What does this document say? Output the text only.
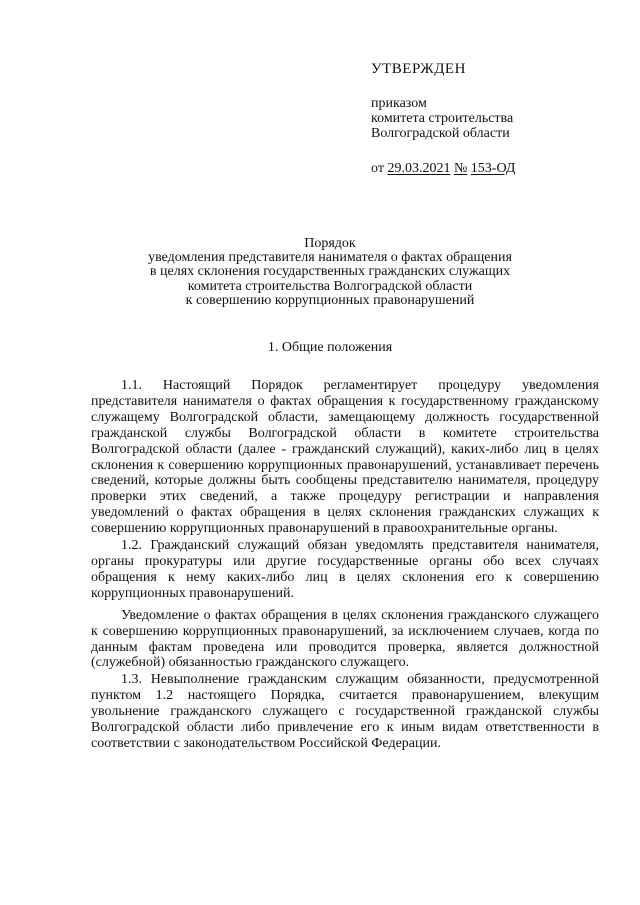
УТВЕРЖДЕН
приказом
комитета строительства
Волгоградской области
от 29.03.2021 № 153-ОД
Порядок
уведомления представителя нанимателя о фактах обращения
в целях склонения государственных гражданских служащих
комитета строительства Волгоградской области
к совершению коррупционных правонарушений
1. Общие положения

1.1. Настоящий Порядок регламентирует процедуру уведомления представителя нанимателя о фактах обращения к государственному гражданскому служащему Волгоградской области, замещающему должность государственной гражданской службы Волгоградской области в комитете строительства Волгоградской области (далее - гражданский служащий), каких-либо лиц в целях склонения к совершению коррупционных правонарушений, устанавливает перечень сведений, которые должны быть сообщены представителю нанимателя, процедуру проверки этих сведений, а также процедуру регистрации и направления уведомлений о фактах обращения в целях склонения гражданских служащих к совершению коррупционных правонарушений в правоохранительные органы.

1.2. Гражданский служащий обязан уведомлять представителя нанимателя, органы прокуратуры или другие государственные органы обо всех случаях обращения к нему каких-либо лиц в целях склонения его к совершению коррупционных правонарушений.

Уведомление о фактах обращения в целях склонения гражданского служащего к совершению коррупционных правонарушений, за исключением случаев, когда по данным фактам проведена или проводится проверка, является должностной (служебной) обязанностью гражданского служащего.

1.3. Невыполнение гражданским служащим обязанности, предусмотренной пунктом 1.2 настоящего Порядка, считается правонарушением, влекущим увольнение гражданского служащего с государственной гражданской службы Волгоградской области либо привлечение его к иным видам ответственности в соответствии с законодательством Российской Федерации.
